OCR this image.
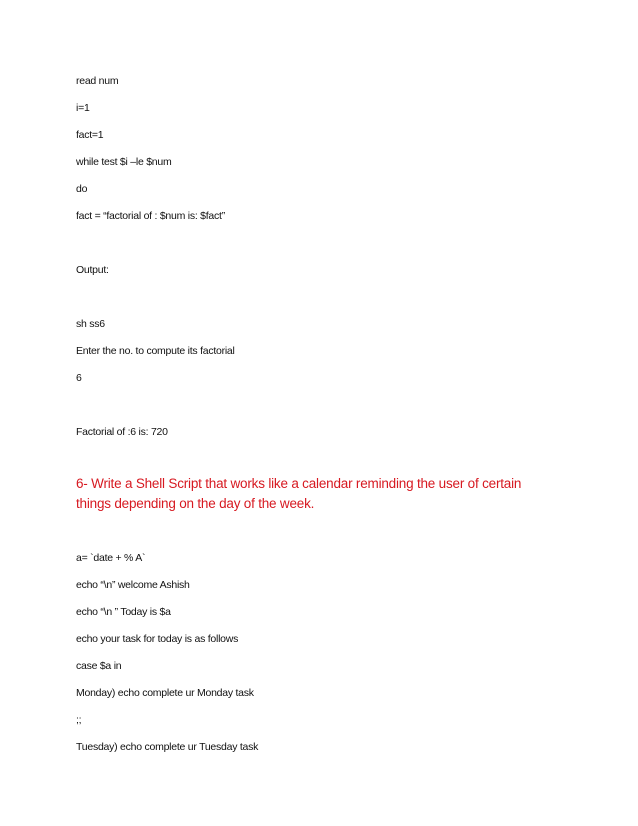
read num
i=1
fact=1
while test $i –le $num
do
fact = “factorial of : $num is: $fact”
Output:
sh ss6
Enter the no. to compute its factorial
6
Factorial of :6 is: 720
6- Write a Shell Script that works like a calendar reminding the user of certain things depending on the day of the week.
a= `date + % A`
echo “\n” welcome Ashish
echo “\n ” Today is $a
echo your task for today is as follows
case $a in
Monday) echo complete ur Monday task
;;
Tuesday) echo complete ur Tuesday task
